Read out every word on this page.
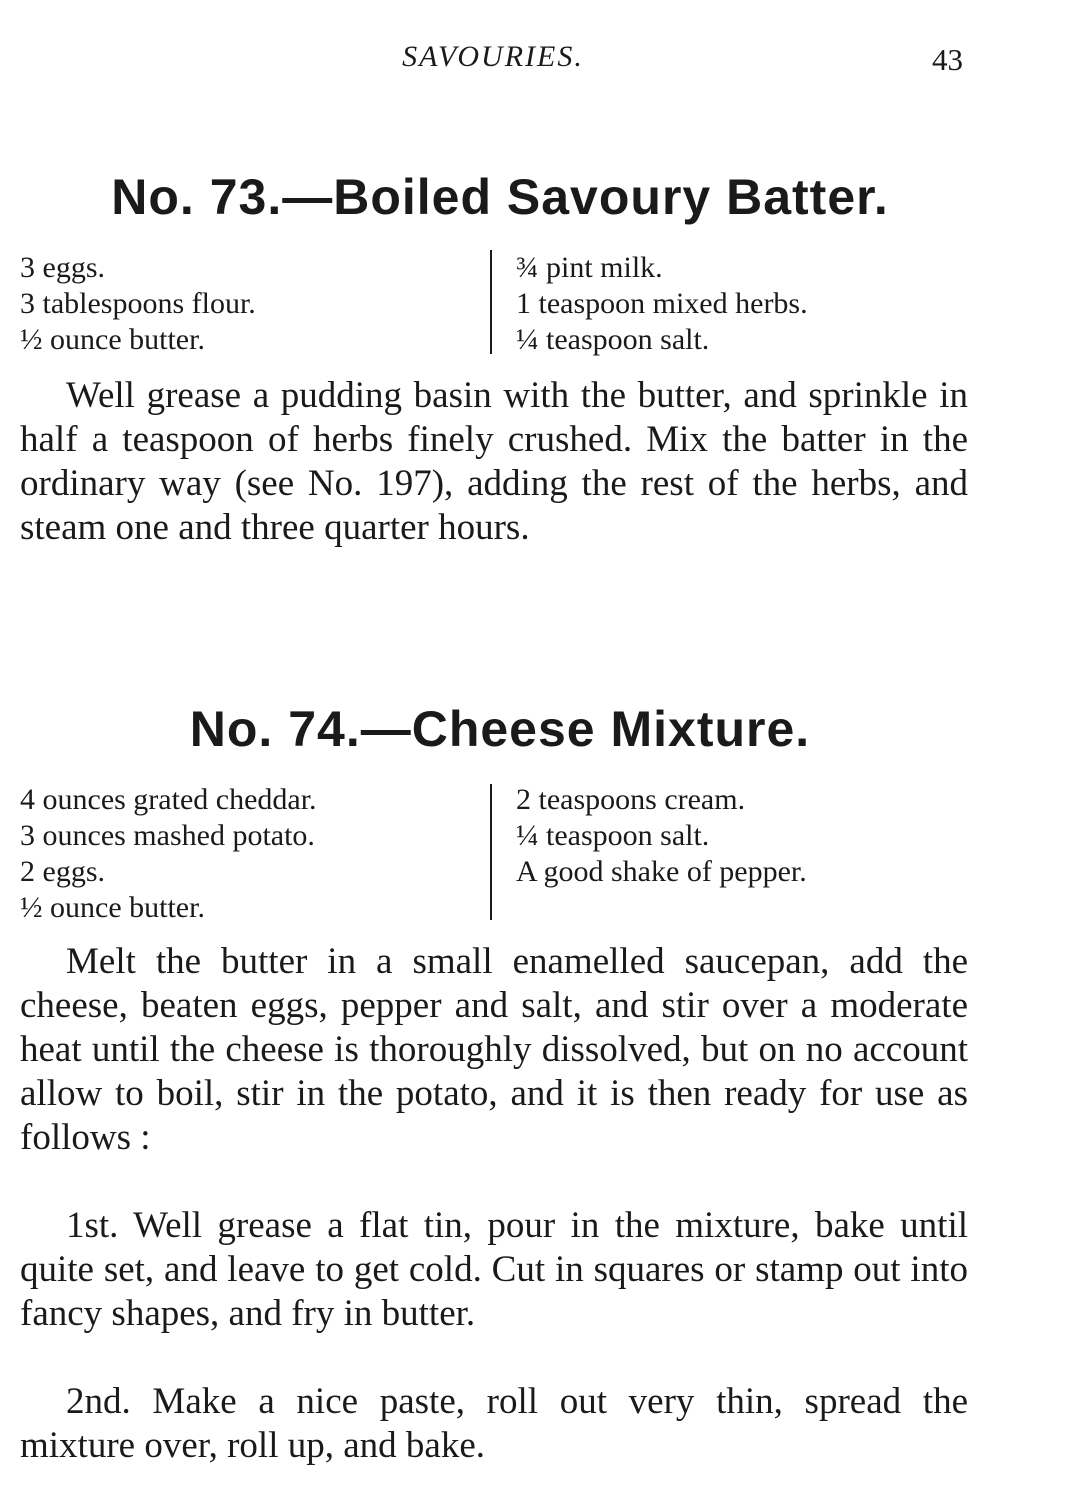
SAVOURIES.	43
No. 73.—Boiled Savoury Batter.
3 eggs.
3 tablespoons flour.
½ ounce butter.
¾ pint milk.
1 teaspoon mixed herbs.
¼ teaspoon salt.

Well grease a pudding basin with the butter, and sprinkle in half a teaspoon of herbs finely crushed. Mix the batter in the ordinary way (see No. 197), adding the rest of the herbs, and steam one and three quarter hours.

No. 74.—Cheese Mixture.
4 ounces grated cheddar.
3 ounces mashed potato.
2 eggs.
½ ounce butter.
2 teaspoons cream.
¼ teaspoon salt.
A good shake of pepper.

Melt the butter in a small enamelled saucepan, add the cheese, beaten eggs, pepper and salt, and stir over a moderate heat until the cheese is thoroughly dissolved, but on no account allow to boil, stir in the potato, and it is then ready for use as follows :

1st. Well grease a flat tin, pour in the mixture, bake until quite set, and leave to get cold. Cut in squares or stamp out into fancy shapes, and fry in butter.

2nd. Make a nice paste, roll out very thin, spread the mixture over, roll up, and bake.
